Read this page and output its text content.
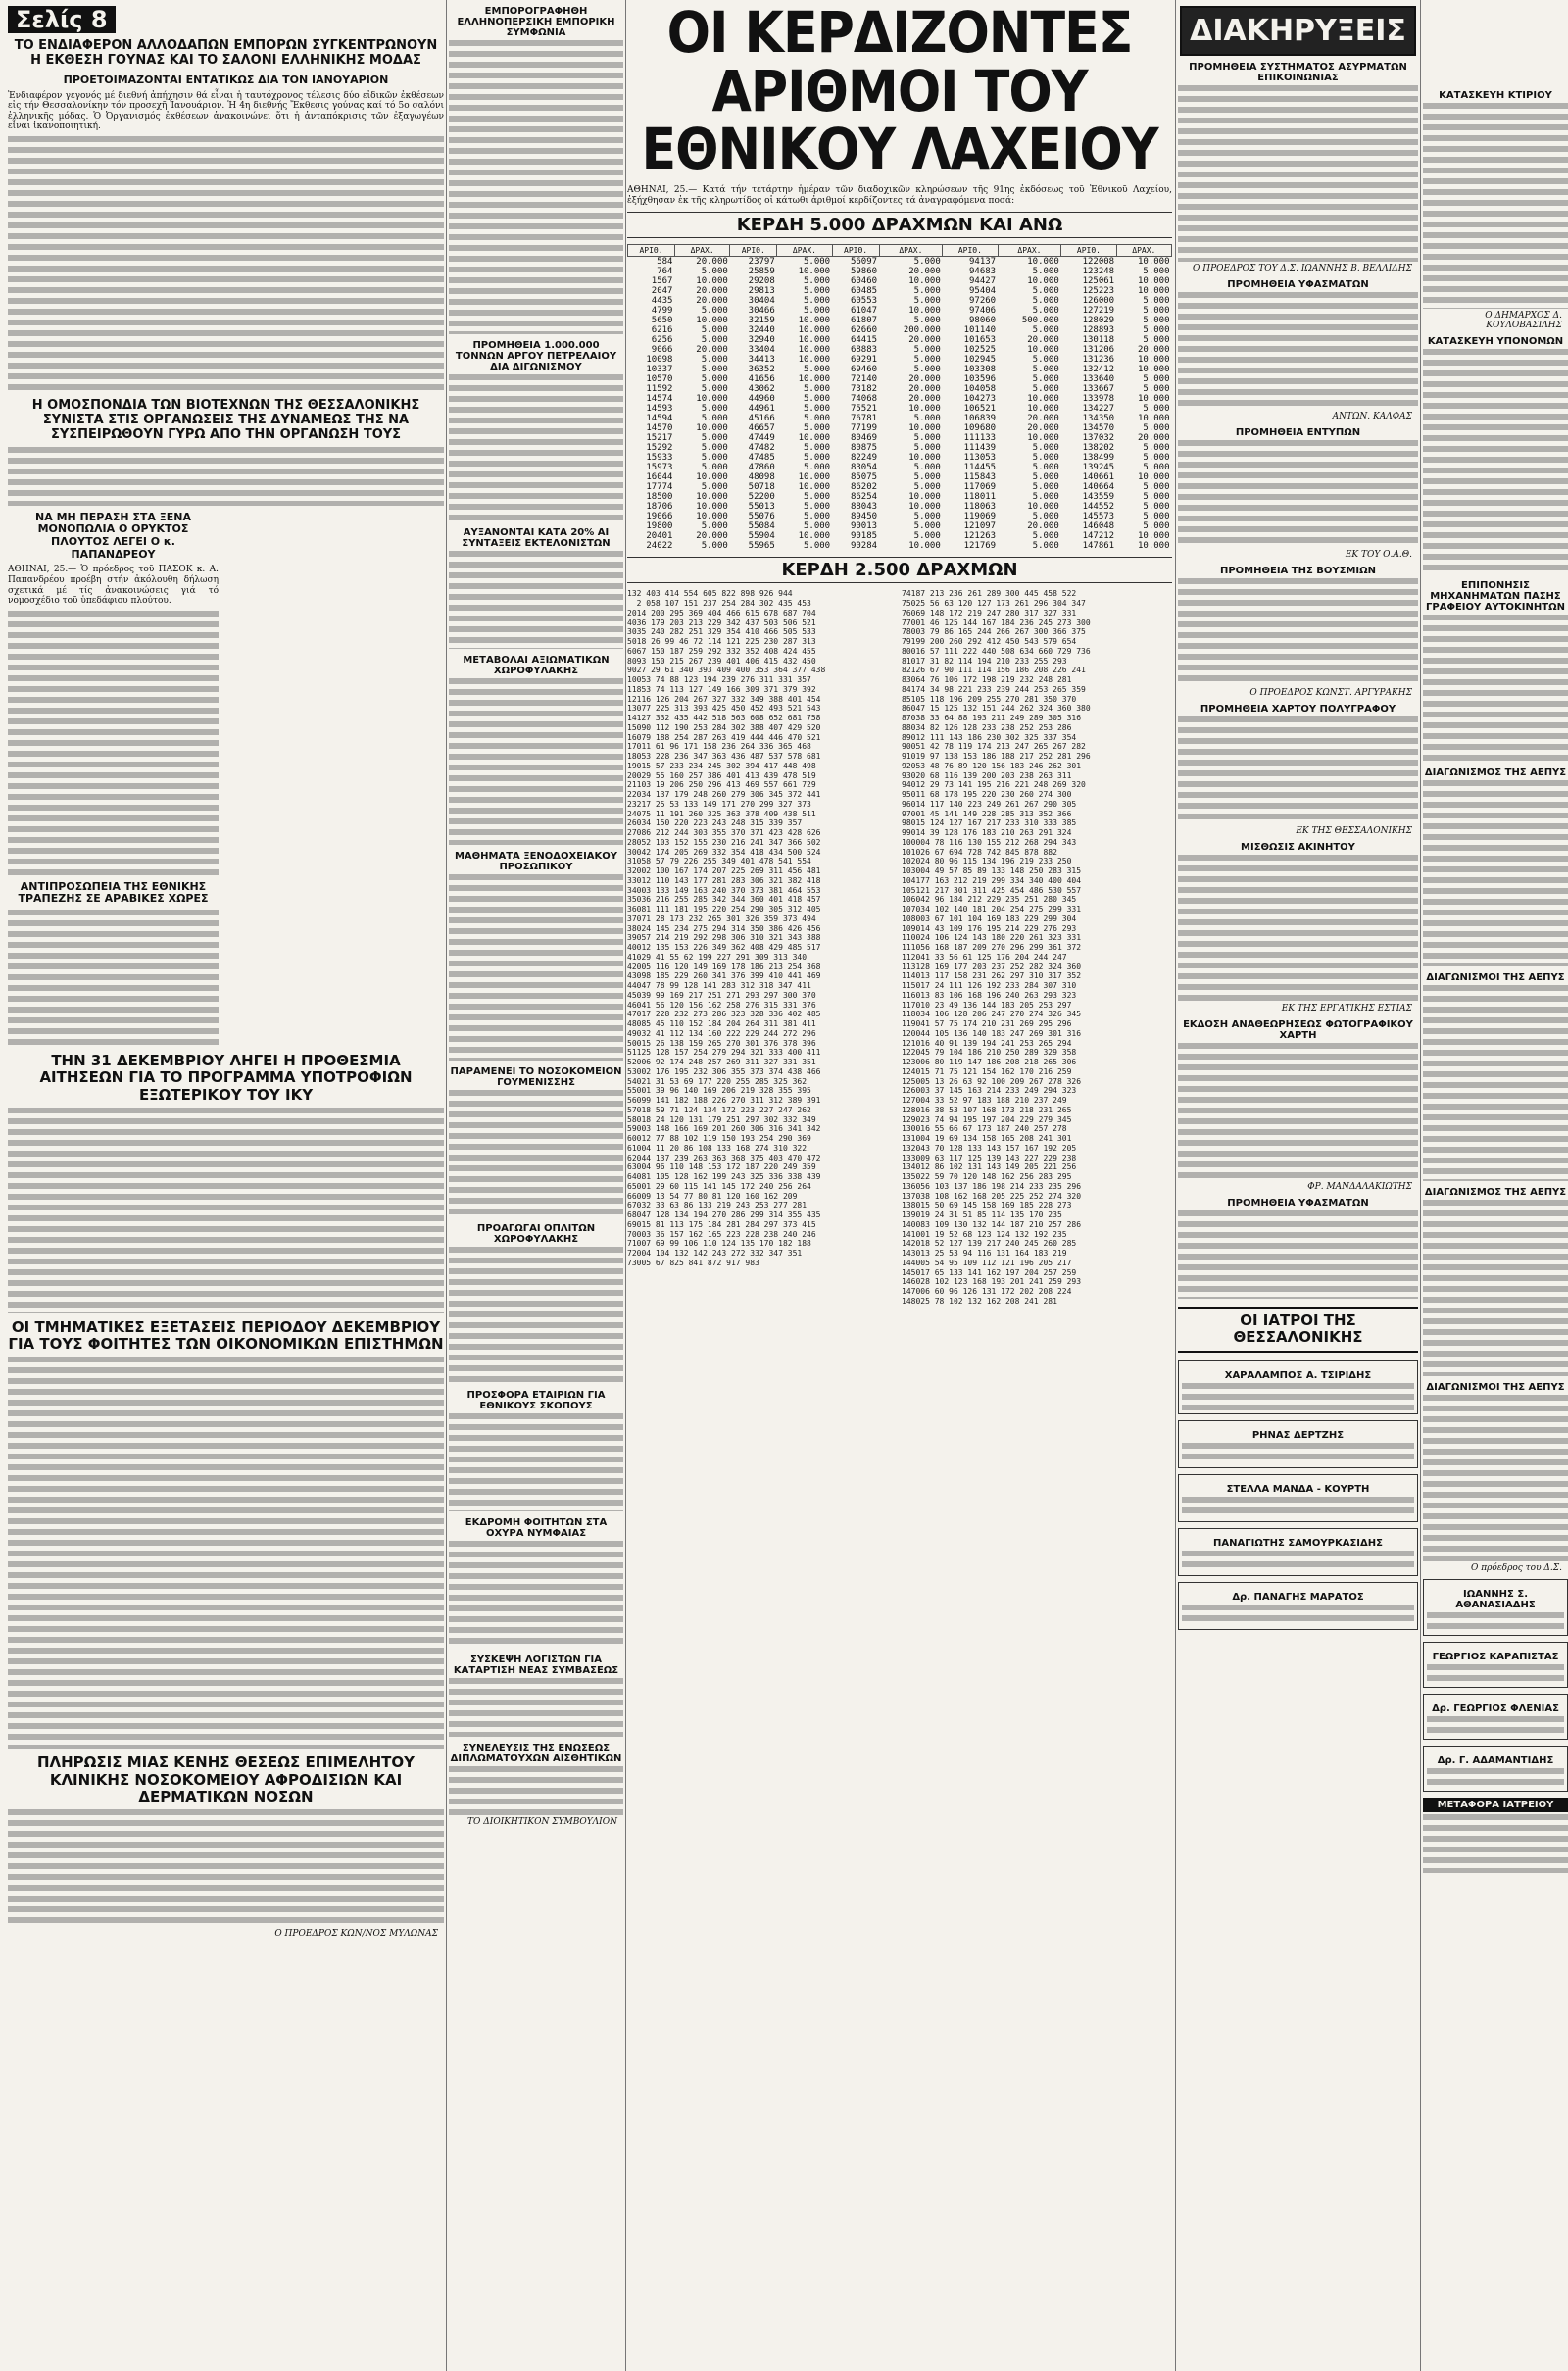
Σελίς 8
ΤΟ ΕΝΔΙΑΦΕΡΟΝ ΑΛΛΟΔΑΠΩΝ ΕΜΠΟΡΩΝ ΣΥΓΚΕΝΤΡΩΝΟΥΝ Η ΕΚΘΕΣΗ ΓΟΥΝΑΣ ΚΑΙ ΤΟ ΣΑΛΟΝΙ ΕΛΛΗΝΙΚΗΣ ΜΟΔΑΣ
ΠΡΟΕΤΟΙΜΑΖΟΝΤΑΙ ΕΝΤΑΤΙΚΩΣ ΔΙΑ ΤΟΝ ΙΑΝΟΥΑΡΙΟΝ
Ἐνδιαφέρον γεγονός μέ διεθνή ἀπήχησιν θά εἶναι ἡ ταυτόχρονος τέλεσις δύο εἰδικῶν ἐκθέσεων εἰς τήν Θεσσαλονίκην τόν προσεχῆ Ἰανουάριον. Ἡ 4η διεθνής Ἔκθεσις γούνας καί τό 5ο σαλόνι ἑλληνικῆς μόδας. Ὁ Ὀργανισμός ἐκθέσεων ἀνακοινώνει ὅτι ἡ ἀνταπόκρισις τῶν ἐξαγωγέων εἶναι ἱκανοποιητική.
Η ΟΜΟΣΠΟΝΔΙΑ ΤΩΝ ΒΙΟΤΕΧΝΩΝ ΤΗΣ ΘΕΣΣΑΛΟΝΙΚΗΣ ΣΥΝΙΣΤΑ ΣΤΙΣ ΟΡΓΑΝΩΣΕΙΣ ΤΗΣ ΔΥΝΑΜΕΩΣ ΤΗΣ ΝΑ ΣΥΣΠΕΙΡΩΘΟΥΝ ΓΥΡΩ ΑΠΟ ΤΗΝ ΟΡΓΑΝΩΣΗ ΤΟΥΣ
ΝΑ ΜΗ ΠΕΡΑΣΗ ΣΤΑ ΞΕΝΑ ΜΟΝΟΠΩΛΙΑ Ο ΟΡΥΚΤΟΣ ΠΛΟΥΤΟΣ ΛΕΓΕΙ Ο κ. ΠΑΠΑΝΔΡΕΟΥ
ΑΘΗΝΑΙ, 25.— Ὁ πρόεδρος τοῦ ΠΑΣΟΚ κ. Α. Παπανδρέου προέβη στήν ἀκόλουθη δήλωση σχετικά μέ τίς ἀνακοινώσεις γιά τό νομοσχέδιο τοῦ ὑπεδάφιου πλούτου.
ΑΝΤΙΠΡΟΣΩΠΕΙΑ ΤΗΣ ΕΘΝΙΚΗΣ ΤΡΑΠΕΖΗΣ ΣΕ ΑΡΑΒΙΚΕΣ ΧΩΡΕΣ
ΤΗΝ 31 ΔΕΚΕΜΒΡΙΟΥ ΛΗΓΕΙ Η ΠΡΟΘΕΣΜΙΑ ΑΙΤΗΣΕΩΝ ΓΙΑ ΤΟ ΠΡΟΓΡΑΜΜΑ ΥΠΟΤΡΟΦΙΩΝ ΕΞΩΤΕΡΙΚΟΥ ΤΟΥ ΙΚΥ
ΟΙ ΤΜΗΜΑΤΙΚΕΣ ΕΞΕΤΑΣΕΙΣ ΠΕΡΙΟΔΟΥ ΔΕΚΕΜΒΡΙΟΥ ΓΙΑ ΤΟΥΣ ΦΟΙΤΗΤΕΣ ΤΩΝ ΟΙΚΟΝΟΜΙΚΩΝ ΕΠΙΣΤΗΜΩΝ
ΠΛΗΡΩΣΙΣ ΜΙΑΣ ΚΕΝΗΣ ΘΕΣΕΩΣ ΕΠΙΜΕΛΗΤΟΥ ΚΛΙΝΙΚΗΣ ΝΟΣΟΚΟΜΕΙΟΥ ΑΦΡΟΔΙΣΙΩΝ ΚΑΙ ΔΕΡΜΑΤΙΚΩΝ ΝΟΣΩΝ
Ο ΠΡΟΕΔΡΟΣ ΚΩΝ/ΝΟΣ ΜΥΛΩΝΑΣ
ΕΜΠΟΡΟΓΡΑΦΗΘΗ ΕΛΛΗΝΟΠΕΡΣΙΚΗ ΕΜΠΟΡΙΚΗ ΣΥΜΦΩΝΙΑ
ΠΡΟΜΗΘΕΙΑ 1.000.000 ΤΟΝΝΩΝ ΑΡΓΟΥ ΠΕΤΡΕΛΑΙΟΥ ΔΙΑ ΔΙΓΩΝΙΣΜΟΥ
ΑΥΞΑΝΟΝΤΑΙ ΚΑΤΑ 20% ΑΙ ΣΥΝΤΑΞΕΙΣ ΕΚΤΕΛΟΝΙΣΤΩΝ
ΜΕΤΑΒΟΛΑΙ ΑΞΙΩΜΑΤΙΚΩΝ ΧΩΡΟΦΥΛΑΚΗΣ
ΜΑΘΗΜΑΤΑ ΞΕΝΟΔΟΧΕΙΑΚΟΥ ΠΡΟΣΩΠΙΚΟΥ
ΠΑΡΑΜΕΝΕΙ ΤΟ ΝΟΣΟΚΟΜΕΙΟΝ ΓΟΥΜΕΝΙΣΣΗΣ
ΠΡΟΑΓΩΓΑΙ ΟΠΛΙΤΩΝ ΧΩΡΟΦΥΛΑΚΗΣ
ΠΡΟΣΦΟΡΑ ΕΤΑΙΡΙΩΝ ΓΙΑ ΕΘΝΙΚΟΥΣ ΣΚΟΠΟΥΣ
ΕΚΔΡΟΜΗ ΦΟΙΤΗΤΩΝ ΣΤΑ ΟΧΥΡΑ ΝΥΜΦΑΙΑΣ
ΣΥΣΚΕΨΗ ΛΟΓΙΣΤΩΝ ΓΙΑ ΚΑΤΑΡΤΙΣΗ ΝΕΑΣ ΣΥΜΒΑΣΕΩΣ
ΣΥΝΕΛΕΥΣΙΣ ΤΗΣ ΕΝΩΣΕΩΣ ΔΙΠΛΩΜΑΤΟΥΧΩΝ ΑΙΣΘΗΤΙΚΩΝ
ΤΟ ΔΙΟΙΚΗΤΙΚΟΝ ΣΥΜΒΟΥΛΙΟΝ
ΟΙ ΚΕΡΔΙΖΟΝΤΕΣ ΑΡΙΘΜΟΙ ΤΟΥ ΕΘΝΙΚΟΥ ΛΑΧΕΙΟΥ
ΑΘΗΝΑΙ, 25.— Κατά τήν τετάρτην ἡμέραν τῶν διαδοχικῶν κληρώσεων τῆς 91ης ἐκδόσεως τοῦ Ἐθνικοῦ Λαχείου, ἐξήχθησαν ἐκ τῆς κληρωτίδος οἱ κάτωθι ἀριθμοί κερδίζοντες τά ἀναγραφόμενα ποσά:
ΚΕΡΔΗ 5.000 ΔΡΑΧΜΩΝ ΚΑΙ ΑΝΩ
ΑΡΙΘ.	ΔΡΑΧ.	ΑΡΙΘ.	ΔΡΑΧ.	ΑΡΙΘ.	ΔΡΑΧ.	ΑΡΙΘ.	ΔΡΑΧ.	ΑΡΙΘ.	ΔΡΑΧ.
584	20.000	23797	5.000	56097	5.000	94137	10.000	122008	10.000
764	5.000	25859	10.000	59860	20.000	94683	5.000	123248	5.000
1567	10.000	29208	5.000	60460	10.000	94427	10.000	125061	10.000
2047	20.000	29813	5.000	60485	5.000	95404	5.000	125223	10.000
4435	20.000	30404	5.000	60553	5.000	97260	5.000	126000	5.000
4799	5.000	30466	5.000	61047	10.000	97406	5.000	127219	5.000
5650	10.000	32159	10.000	61807	5.000	98060	500.000	128029	5.000
6216	5.000	32440	10.000	62660	200.000	101140	5.000	128893	5.000
6256	5.000	32940	10.000	64415	20.000	101653	20.000	130118	5.000
9066	20.000	33404	10.000	68883	5.000	102525	10.000	131206	20.000
10098	5.000	34413	10.000	69291	5.000	102945	5.000	131236	10.000
10337	5.000	36352	5.000	69460	5.000	103308	5.000	132412	10.000
10570	5.000	41656	10.000	72140	20.000	103596	5.000	133640	5.000
11592	5.000	43062	5.000	73182	20.000	104058	5.000	133667	5.000
14574	10.000	44960	5.000	74068	20.000	104273	10.000	133978	10.000
14593	5.000	44961	5.000	75521	10.000	106521	10.000	134227	5.000
14594	5.000	45166	5.000	76781	5.000	106839	20.000	134350	10.000
14570	10.000	46657	5.000	77199	10.000	109680	20.000	134570	5.000
15217	5.000	47449	10.000	80469	5.000	111133	10.000	137032	20.000
15292	5.000	47482	5.000	80875	5.000	111439	5.000	138202	5.000
15933	5.000	47485	5.000	82249	10.000	113053	5.000	138499	5.000
15973	5.000	47860	5.000	83054	5.000	114455	5.000	139245	5.000
16044	10.000	48098	10.000	85075	5.000	115843	5.000	140661	10.000
17774	5.000	50718	10.000	86202	5.000	117069	5.000	140664	5.000
18500	10.000	52200	5.000	86254	10.000	118011	5.000	143559	5.000
18706	10.000	55013	5.000	88043	10.000	118063	10.000	144552	5.000
19066	10.000	55076	5.000	89450	5.000	119069	5.000	145573	5.000
19800	5.000	55084	5.000	90013	5.000	121097	20.000	146048	5.000
20401	20.000	55904	10.000	90185	5.000	121263	5.000	147212	10.000
24022	5.000	55965	5.000	90284	10.000	121769	5.000	147861	10.000
ΚΕΡΔΗ 2.500 ΔΡΑΧΜΩΝ
132 403 414 554 605 822 898 926 944
2 058 107 151 237 254 284 302 435 453
2014 200 295 369 404 466 615 678 687 704
4036 179 203 213 229 342 437 503 506 521
3035 240 282 251 329 354 410 466 505 533
5018 26 99 46 72 114 121 225 230 287 313
6067 150 187 259 292 332 352 408 424 455
8093 150 215 267 239 401 406 415 432 450
9027 29 61 340 393 409 400 353 364 377 438
10053 74 88 123 194 239 276 311 331 357
11853 74 113 127 149 166 309 371 379 392
12116 126 204 267 327 332 349 388 401 454
13077 225 313 393 425 450 452 493 521 543
14127 332 435 442 518 563 608 652 681 758
15090 112 190 253 284 302 388 407 429 520
16079 188 254 287 263 419 444 446 470 521
17011 61 96 171 158 236 264 336 365 468
18053 228 236 347 363 436 487 537 578 681
19015 57 233 234 245 302 394 417 448 498
20029 55 160 257 386 401 413 439 478 519
21103 19 206 250 296 413 469 557 661 729
22034 137 179 248 260 279 306 345 372 441
23217 25 53 133 149 171 270 299 327 373
24075 11 191 260 325 363 378 409 438 511
26034 150 220 223 243 248 315 339 357
27086 212 244 303 355 370 371 423 428 626
28052 103 152 155 230 216 241 347 366 502
30042 174 205 269 332 354 418 434 500 524
31058 57 79 226 255 349 401 478 541 554
32002 100 167 174 207 225 269 311 456 481
33012 110 143 177 281 283 306 321 382 418
34003 133 149 163 240 370 373 381 464 553
35036 216 255 285 342 344 360 401 418 457
36081 111 181 195 220 254 290 305 312 405
37071 28 173 232 265 301 326 359 373 494
38024 145 234 275 294 314 350 386 426 456
39057 214 219 292 298 306 310 321 343 388
40012 135 153 226 349 362 408 429 485 517
41029 41 55 62 199 227 291 309 313 340
42005 116 120 149 169 178 186 213 254 368
43098 185 229 260 341 376 399 410 441 469
44047 78 99 128 141 283 312 318 347 411
45039 99 169 217 251 271 293 297 300 370
46041 56 120 156 162 258 276 315 331 376
47017 228 232 273 286 323 328 336 402 485
48085 45 110 152 184 204 264 311 381 411
49032 41 112 134 160 222 229 244 272 296
50015 26 138 159 265 270 301 376 378 396
51125 128 157 254 279 294 321 333 400 411
52006 92 174 248 257 269 311 327 331 351
53002 176 195 232 306 355 373 374 438 466
54021 31 53 69 177 220 255 285 325 362
55001 39 96 140 169 206 219 328 355 395
56099 141 182 188 226 270 311 312 389 391
57018 59 71 124 134 172 223 227 247 262
58018 24 120 131 179 251 297 302 332 349
59003 148 166 169 201 260 306 316 341 342
60012 77 88 102 119 150 193 254 290 369
61004 11 20 86 108 133 168 274 310 322
62044 137 239 263 363 368 375 403 470 472
63004 96 110 148 153 172 187 220 249 359
64081 105 128 162 199 243 325 336 338 439
65001 29 60 115 141 145 172 240 256 264
66009 13 54 77 80 81 120 160 162 209
67032 33 63 86 133 219 243 253 277 281
68047 128 134 194 270 286 299 314 355 435
69015 81 113 175 184 281 284 297 373 415
70003 36 157 162 165 223 228 238 240 246
71007 69 99 106 110 124 135 170 182 188
72004 104 132 142 243 272 332 347 351
73005 67 825 841 872 917 983
74187 213 236 261 289 300 445 458 522
75025 56 63 120 127 173 261 296 304 347
76069 148 172 219 247 280 317 327 331
77001 46 125 144 167 184 236 245 273 300
78003 79 86 165 244 266 267 300 366 375
79199 200 260 292 412 450 543 579 654
80016 57 111 222 440 508 634 660 729 736
81017 31 82 114 194 210 233 255 293
82126 67 90 111 114 156 186 208 226 241
83064 76 106 172 198 219 232 248 281
84174 34 98 221 233 239 244 253 265 359
85105 118 196 209 255 270 281 350 370
86047 15 125 132 151 244 262 324 360 380
87038 33 64 88 193 211 249 289 305 316
88034 82 126 128 233 238 252 253 286
89012 111 143 186 230 302 325 337 354
90051 42 78 119 174 213 247 265 267 282
91019 97 138 153 186 188 217 252 281 296
92053 48 76 89 120 156 183 246 262 301
93020 68 116 139 200 203 238 263 311
94012 29 73 141 195 216 221 248 269 320
95011 68 178 195 220 230 260 274 300
96014 117 140 223 249 261 267 290 305
97001 45 141 149 228 285 313 352 366
98015 124 127 167 217 233 310 333 385
99014 39 128 176 183 210 263 291 324
100004 78 116 130 155 212 268 294 343
101026 67 694 728 742 845 878 882
102024 80 96 115 134 196 219 233 250
103004 49 57 85 89 133 148 250 283 315
104177 163 212 219 299 334 340 400 404
105121 217 301 311 425 454 486 530 557
106042 96 184 212 229 235 251 280 345
107034 102 140 181 204 254 275 299 331
108003 67 101 104 169 183 229 299 304
109014 43 109 176 195 214 229 276 293
110024 106 124 143 180 220 261 323 331
111056 168 187 209 270 296 299 361 372
112041 33 56 61 125 176 204 244 247
113128 169 177 203 237 252 282 324 360
114013 117 158 231 262 297 310 317 352
115017 24 111 126 192 233 284 307 310
116013 83 106 168 196 240 263 293 323
117010 23 49 136 144 183 205 253 297
118034 106 128 206 247 270 274 326 345
119041 57 75 174 210 231 269 295 296
120044 105 136 140 183 247 269 301 316
121016 40 91 139 194 241 253 265 294
122045 79 104 186 210 250 289 329 358
123006 80 119 147 186 208 218 265 306
124015 71 75 121 154 162 170 216 259
125005 13 26 63 92 100 209 267 278 326
126003 37 145 163 214 233 249 294 323
127004 33 52 97 183 188 210 237 249
128016 38 53 107 168 173 218 231 265
129023 74 94 195 197 204 229 279 345
130016 55 66 67 173 187 240 257 278
131004 19 69 134 158 165 208 241 301
132043 70 128 133 143 157 167 192 205
133009 63 117 125 139 143 227 229 238
134012 86 102 131 143 149 205 221 256
135022 59 70 120 148 162 256 283 295
136056 103 137 186 198 214 233 235 296
137038 108 162 168 205 225 252 274 320
138015 50 69 145 158 169 185 228 273
139019 24 31 51 85 114 135 170 235
140083 109 130 132 144 187 210 257 286
141001 19 52 68 123 124 132 192 235
142018 52 127 139 217 240 245 260 285
143013 25 53 94 116 131 164 183 219
144005 54 95 109 112 121 196 205 217
145017 65 133 141 162 197 204 257 259
146028 102 123 168 193 201 241 259 293
147006 60 96 126 131 172 202 208 224
148025 78 102 132 162 208 241 281
ΔΙΑΚΗΡΥΞΕΙΣ
ΠΡΟΜΗΘΕΙΑ ΣΥΣΤΗΜΑΤΟΣ ΑΣΥΡΜΑΤΩΝ ΕΠΙΚΟΙΝΩΝΙΑΣ
Ο ΠΡΟΕΔΡΟΣ ΤΟΥ Δ.Σ. ΙΩΑΝΝΗΣ Β. ΒΕΛΛΙΔΗΣ
ΠΡΟΜΗΘΕΙΑ ΥΦΑΣΜΑΤΩΝ
ΑΝΤΩΝ. ΚΑΛΦΑΣ
ΠΡΟΜΗΘΕΙΑ ΕΝΤΥΠΩΝ
ΕΚ ΤΟΥ Ο.Α.Θ.
ΠΡΟΜΗΘΕΙΑ ΤΗΣ ΒΟΥΣΜΙΩΝ
Ο ΠΡΟΕΔΡΟΣ ΚΩΝΣΤ. ΑΡΓΥΡΑΚΗΣ
ΠΡΟΜΗΘΕΙΑ ΧΑΡΤΟΥ ΠΟΛΥΓΡΑΦΟΥ
ΕΚ ΤΗΣ ΘΕΣΣΑΛΟΝΙΚΗΣ
ΜΙΣΘΩΣΙΣ ΑΚΙΝΗΤΟΥ
ΕΚ ΤΗΣ ΕΡΓΑΤΙΚΗΣ ΕΣΤΙΑΣ
ΕΚΔΟΣΗ ΑΝΑΘΕΩΡΗΣΕΩΣ ΦΩΤΟΓΡΑΦΙΚΟΥ ΧΑΡΤΗ
ΦΡ. ΜΑΝΔΑΛΑΚΙΩΤΗΣ
ΠΡΟΜΗΘΕΙΑ ΥΦΑΣΜΑΤΩΝ
ΟΙ ΙΑΤΡΟΙ ΤΗΣ ΘΕΣΣΑΛΟΝΙΚΗΣ
ΧΑΡΑΛΑΜΠΟΣ Α. ΤΣΙΡΙΔΗΣ
ΡΗΝΑΣ ΔΕΡΤΖΗΣ
ΣΤΕΛΛΑ ΜΑΝΔΑ - ΚΟΥΡΤΗ
ΠΑΝΑΓΙΩΤΗΣ ΣΑΜΟΥΡΚΑΣΙΔΗΣ
Δρ. ΠΑΝΑΓΗΣ ΜΑΡΑΤΟΣ
ΚΑΤΑΣΚΕΥΗ ΚΤΙΡΙΟΥ
Ο ΔΗΜΑΡΧΟΣ Δ. ΚΟΥΛΟΒΑΣΙΛΗΣ
ΚΑΤΑΣΚΕΥΗ ΥΠΟΝΟΜΩΝ
ΕΠΙΠΟΝΗΣΙΣ ΜΗΧΑΝΗΜΑΤΩΝ ΠΑΣΗΣ ΓΡΑΦΕΙΟΥ ΑΥΤΟΚΙΝΗΤΩΝ
ΔΙΑΓΩΝΙΣΜΟΣ ΤΗΣ ΑΕΠΥΣ
ΔΙΑΓΩΝΙΣΜΟΙ ΤΗΣ ΑΕΠΥΣ
ΔΙΑΓΩΝΙΣΜΟΣ ΤΗΣ ΑΕΠΥΣ
ΔΙΑΓΩΝΙΣΜΟΙ ΤΗΣ ΑΕΠΥΣ
Ο πρόεδρος του Δ.Σ.
ΙΩΑΝΝΗΣ Σ. ΑΘΑΝΑΣΙΑΔΗΣ
ΓΕΩΡΓΙΟΣ ΚΑΡΑΠΙΣΤΑΣ
Δρ. ΓΕΩΡΓΙΟΣ ΦΛΕΝΙΑΣ
Δρ. Γ. ΑΔΑΜΑΝΤΙΔΗΣ
ΜΕΤΑΦΟΡΑ ΙΑΤΡΕΙΟΥ
